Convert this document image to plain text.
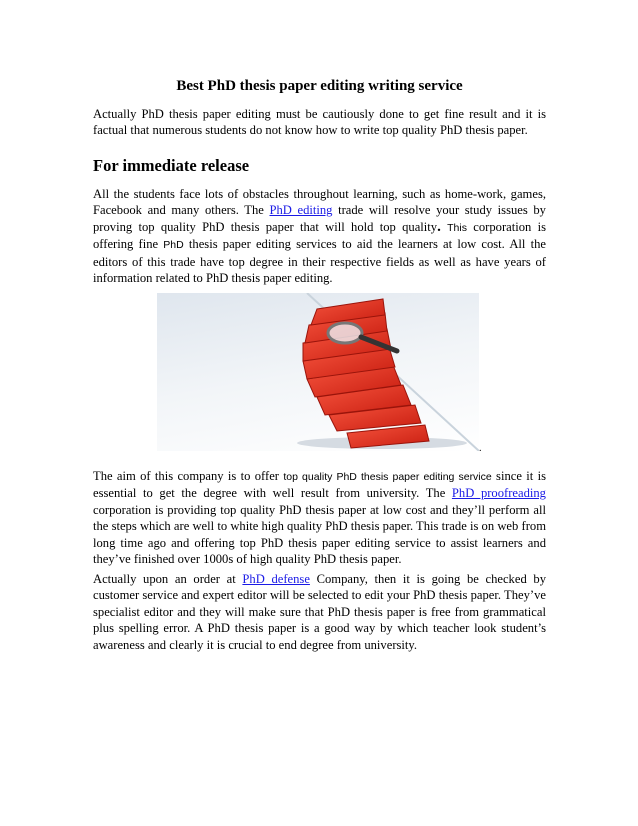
Best PhD thesis paper editing writing service

Actually PhD thesis paper editing must be cautiously done to get fine result and it is factual that numerous students do not know how to write top quality PhD thesis paper.

For immediate release

All the students face lots of obstacles throughout learning, such as home-work, games, Facebook and many others. The PhD editing trade will resolve your study issues by proving top quality PhD thesis paper that will hold top quality. This corporation is offering fine PhD thesis paper editing services to aid the learners at low cost. All the editors of this trade have top degree in their respective fields as well as have years of information related to PhD thesis paper editing.

.

The aim of this company is to offer top quality PhD thesis paper editing service since it is essential to get the degree with well result from university. The PhD proofreading corporation is providing top quality PhD thesis paper at low cost and they’ll perform all the steps which are well to white high quality PhD thesis paper. This trade is on web from long time ago and offering top PhD thesis paper editing service to assist learners and they’ve finished over 1000s of high quality PhD thesis paper.

Actually upon an order at PhD defense Company, then it is going be checked by customer service and expert editor will be selected to edit your PhD thesis paper. They’ve specialist editor and they will make sure that PhD thesis paper is free from grammatical plus spelling error. A PhD thesis paper is a good way by which teacher look student’s awareness and clearly it is crucial to end degree from university.
